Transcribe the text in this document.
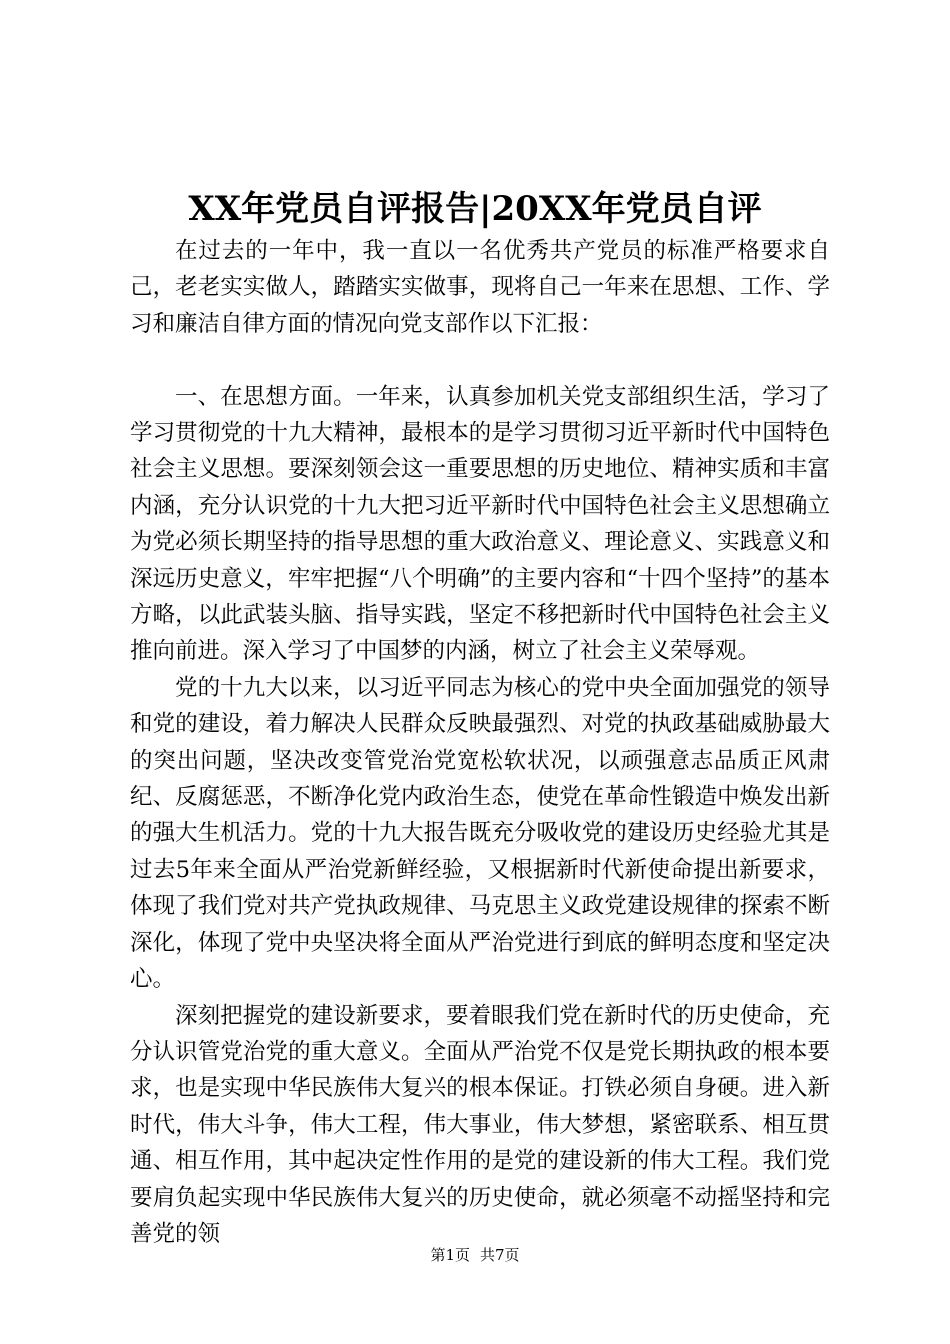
XX年党员自评报告|20XX年党员自评

在过去的一年中，我一直以一名优秀共产党员的标准严格要求自己，老老实实做人，踏踏实实做事，现将自己一年来在思想、工作、学习和廉洁自律方面的情况向党支部作以下汇报：

一、在思想方面。一年来，认真参加机关党支部组织生活，学习了学习贯彻党的十九大精神，最根本的是学习贯彻习近平新时代中国特色社会主义思想。要深刻领会这一重要思想的历史地位、精神实质和丰富内涵，充分认识党的十九大把习近平新时代中国特色社会主义思想确立为党必须长期坚持的指导思想的重大政治意义、理论意义、实践意义和深远历史意义，牢牢把握“八个明确”的主要内容和“十四个坚持”的基本方略，以此武装头脑、指导实践，坚定不移把新时代中国特色社会主义推向前进。深入学习了中国梦的内涵，树立了社会主义荣辱观。

党的十九大以来，以习近平同志为核心的党中央全面加强党的领导和党的建设，着力解决人民群众反映最强烈、对党的执政基础威胁最大的突出问题，坚决改变管党治党宽松软状况，以顽强意志品质正风肃纪、反腐惩恶，不断净化党内政治生态，使党在革命性锻造中焕发出新的强大生机活力。党的十九大报告既充分吸收党的建设历史经验尤其是过去5年来全面从严治党新鲜经验，又根据新时代新使命提出新要求，体现了我们党对共产党执政规律、马克思主义政党建设规律的探索不断深化，体现了党中央坚决将全面从严治党进行到底的鲜明态度和坚定决心。

深刻把握党的建设新要求，要着眼我们党在新时代的历史使命，充分认识管党治党的重大意义。全面从严治党不仅是党长期执政的根本要求，也是实现中华民族伟大复兴的根本保证。打铁必须自身硬。进入新时代，伟大斗争，伟大工程，伟大事业，伟大梦想，紧密联系、相互贯通、相互作用，其中起决定性作用的是党的建设新的伟大工程。我们党要肩负起实现中华民族伟大复兴的历史使命，就必须毫不动摇坚持和完善党的领

第1页 共7页
